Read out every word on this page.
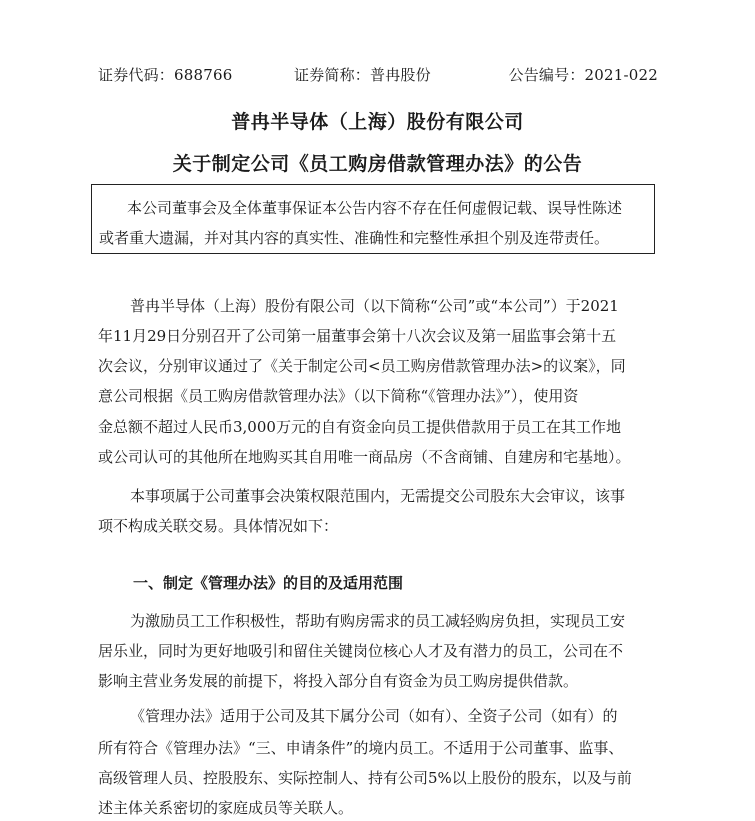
证券代码：688766	证券简称：普冉股份	公告编号：2021-022
普冉半导体（上海）股份有限公司
关于制定公司《员工购房借款管理办法》的公告
本公司董事会及全体董事保证本公告内容不存在任何虚假记载、误导性陈述
或者重大遗漏，并对其内容的真实性、准确性和完整性承担个别及连带责任。
普冉半导体（上海）股份有限公司（以下简称“公司”或“本公司”）于2021
年11月29日分别召开了公司第一届董事会第十八次会议及第一届监事会第十五
次会议，分别审议通过了《关于制定公司<员工购房借款管理办法>的议案》，同
意公司根据《员工购房借款管理办法》（以下简称“《管理办法》”），使用资
金总额不超过人民币3,000万元的自有资金向员工提供借款用于员工在其工作地
或公司认可的其他所在地购买其自用唯一商品房（不含商铺、自建房和宅基地）。
本事项属于公司董事会决策权限范围内，无需提交公司股东大会审议，该事
项不构成关联交易。具体情况如下：
一、制定《管理办法》的目的及适用范围
为激励员工工作积极性，帮助有购房需求的员工减轻购房负担，实现员工安
居乐业，同时为更好地吸引和留住关键岗位核心人才及有潜力的员工，公司在不
影响主营业务发展的前提下，将投入部分自有资金为员工购房提供借款。
《管理办法》适用于公司及其下属分公司（如有）、全资子公司（如有）的
所有符合《管理办法》“三、申请条件”的境内员工。不适用于公司董事、监事、
高级管理人员、控股股东、实际控制人、持有公司5%以上股份的股东，以及与前
述主体关系密切的家庭成员等关联人。
